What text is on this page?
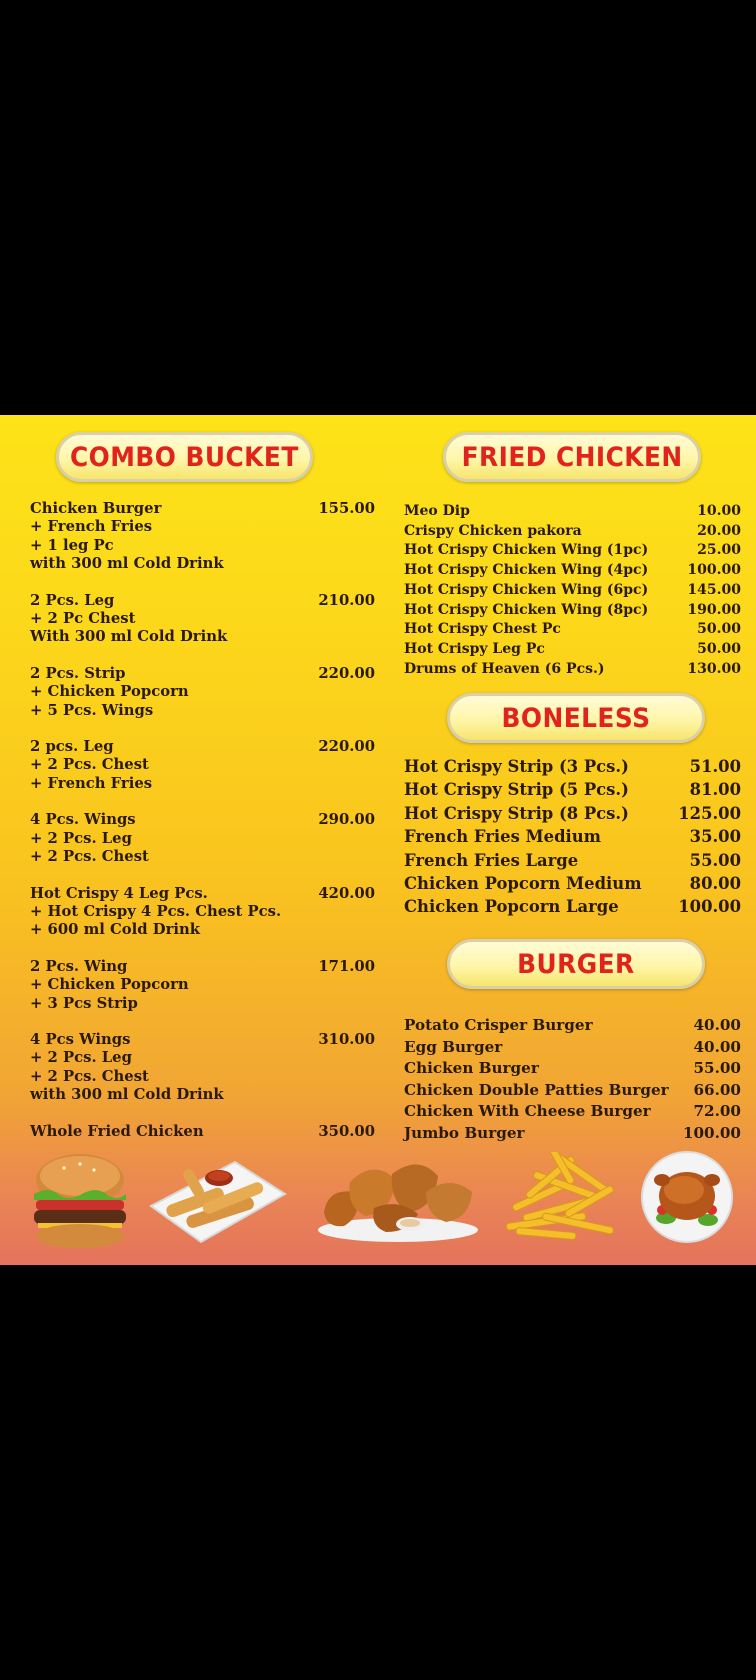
COMBO BUCKET	FRIED CHICKEN
Chicken Burger	155.00
+ French Fries
+ 1 leg Pc
with 300 ml Cold Drink
2 Pcs. Leg	210.00
+ 2 Pc Chest
With 300 ml Cold Drink
2 Pcs. Strip	220.00
+ Chicken Popcorn
+ 5 Pcs. Wings
2 pcs. Leg	220.00
+ 2 Pcs. Chest
+ French Fries
4 Pcs. Wings	290.00
+ 2 Pcs. Leg
+ 2 Pcs. Chest
Hot Crispy 4 Leg Pcs.	420.00
+ Hot Crispy 4 Pcs. Chest Pcs.
+ 600 ml Cold Drink
2 Pcs. Wing	171.00
+ Chicken Popcorn
+ 3 Pcs Strip
4 Pcs Wings	310.00
+ 2 Pcs. Leg
+ 2 Pcs. Chest
with 300 ml Cold Drink
Whole Fried Chicken	350.00
Meo Dip	10.00
Crispy Chicken pakora	20.00
Hot Crispy Chicken Wing (1pc)	25.00
Hot Crispy Chicken Wing (4pc)	100.00
Hot Crispy Chicken Wing (6pc)	145.00
Hot Crispy Chicken Wing (8pc)	190.00
Hot Crispy Chest Pc	50.00
Hot Crispy Leg Pc	50.00
Drums of Heaven (6 Pcs.)	130.00
BONELESS
Hot Crispy Strip (3 Pcs.)	51.00
Hot Crispy Strip (5 Pcs.)	81.00
Hot Crispy Strip (8 Pcs.)	125.00
French Fries Medium	35.00
French Fries Large	55.00
Chicken Popcorn Medium	80.00
Chicken Popcorn Large	100.00
BURGER
Potato Crisper Burger	40.00
Egg Burger	40.00
Chicken Burger	55.00
Chicken Double Patties Burger 66.00
Chicken With Cheese Burger	72.00
Jumbo Burger	100.00
